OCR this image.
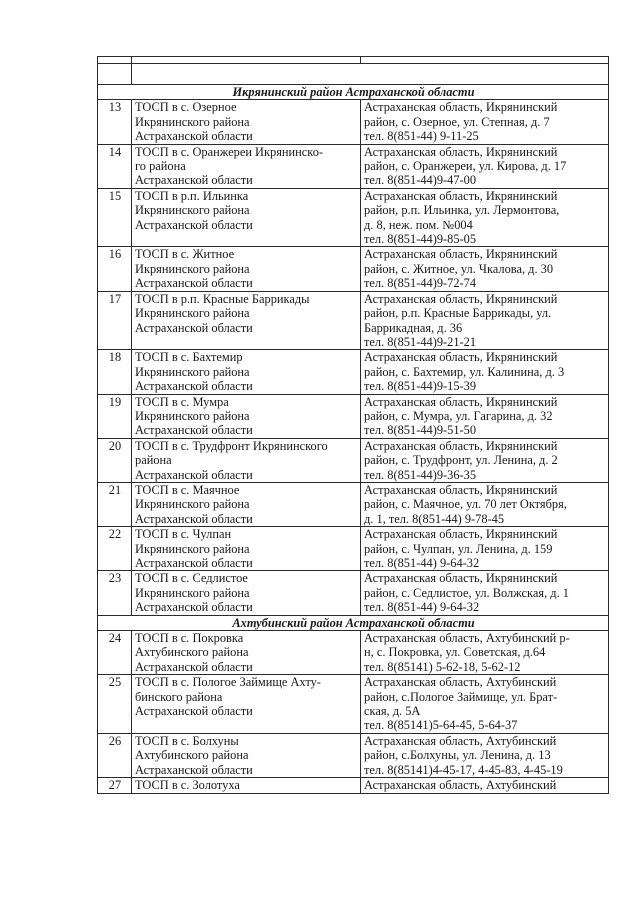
Икрянинский район Астраханской области		
13	ТОСП в с. Озерное
Икрянинского района
Астраханской области	Астраханская область, Икрянинский
район, с. Озерное, ул. Степная, д. 7
тел. 8(851-44) 9-11-25
14	ТОСП в с. Оранжереи Икрянинско-
го района
Астраханской области	Астраханская область, Икрянинский
район, с. Оранжереи, ул. Кирова, д. 17
тел. 8(851-44)9-47-00
15	ТОСП в р.п. Ильинка
Икрянинского района
Астраханской области	Астраханская область, Икрянинский
район, р.п. Ильинка, ул. Лермонтова,
д. 8, неж. пом. №004
тел. 8(851-44)9-85-05
16	ТОСП в с. Житное
Икрянинского района
Астраханской области	Астраханская область, Икрянинский
район, с. Житное, ул. Чкалова, д. 30
тел. 8(851-44)9-72-74
17	ТОСП в р.п. Красные Баррикады
Икрянинского района
Астраханской области	Астраханская область, Икрянинский
район, р.п. Красные Баррикады, ул.
Баррикадная, д. 36
тел. 8(851-44)9-21-21
18	ТОСП в с. Бахтемир
Икрянинского района
Астраханской области	Астраханская область, Икрянинский
район, с. Бахтемир, ул. Калинина, д. 3
тел. 8(851-44)9-15-39
19	ТОСП в с. Мумра
Икрянинского района
Астраханской области	Астраханская область, Икрянинский
район, с. Мумра, ул. Гагарина, д. 32
тел. 8(851-44)9-51-50
20	ТОСП в с. Трудфронт Икрянинского
района
Астраханской области	Астраханская область, Икрянинский
район, с. Трудфронт, ул. Ленина, д. 2
тел. 8(851-44)9-36-35
21	ТОСП в с. Маячное
Икрянинского района
Астраханской области	Астраханская область, Икрянинский
район, с. Маячное, ул. 70 лет Октября,
д. 1, тел. 8(851-44) 9-78-45
22	ТОСП в с. Чулпан
Икрянинского района
Астраханской области	Астраханская область, Икрянинский
район, с. Чулпан, ул. Ленина, д. 159
тел. 8(851-44) 9-64-32
23	ТОСП в с. Седлистое
Икрянинского района
Астраханской области	Астраханская область, Икрянинский
район, с. Седлистое, ул. Волжская, д. 1
тел. 8(851-44) 9-64-32
Ахтубинский район Астраханской области		
24	ТОСП в с. Покровка
Ахтубинского района
Астраханской области	Астраханская область, Ахтубинский р-
н, с. Покровка, ул. Советская, д.64
тел. 8(85141) 5-62-18, 5-62-12
25	ТОСП в с. Пологое Займище Ахту-
бинского района
Астраханской области	Астраханская область, Ахтубинский
район, с.Пологое Займище, ул. Брат-
ская, д. 5А
тел. 8(85141)5-64-45, 5-64-37
26	ТОСП в с. Болхуны
Ахтубинского района
Астраханской области	Астраханская область, Ахтубинский
район, с.Болхуны, ул. Ленина, д. 13
тел. 8(85141)4-45-17, 4-45-83, 4-45-19
27	ТОСП в с. Золотуха	Астраханская область, Ахтубинский
